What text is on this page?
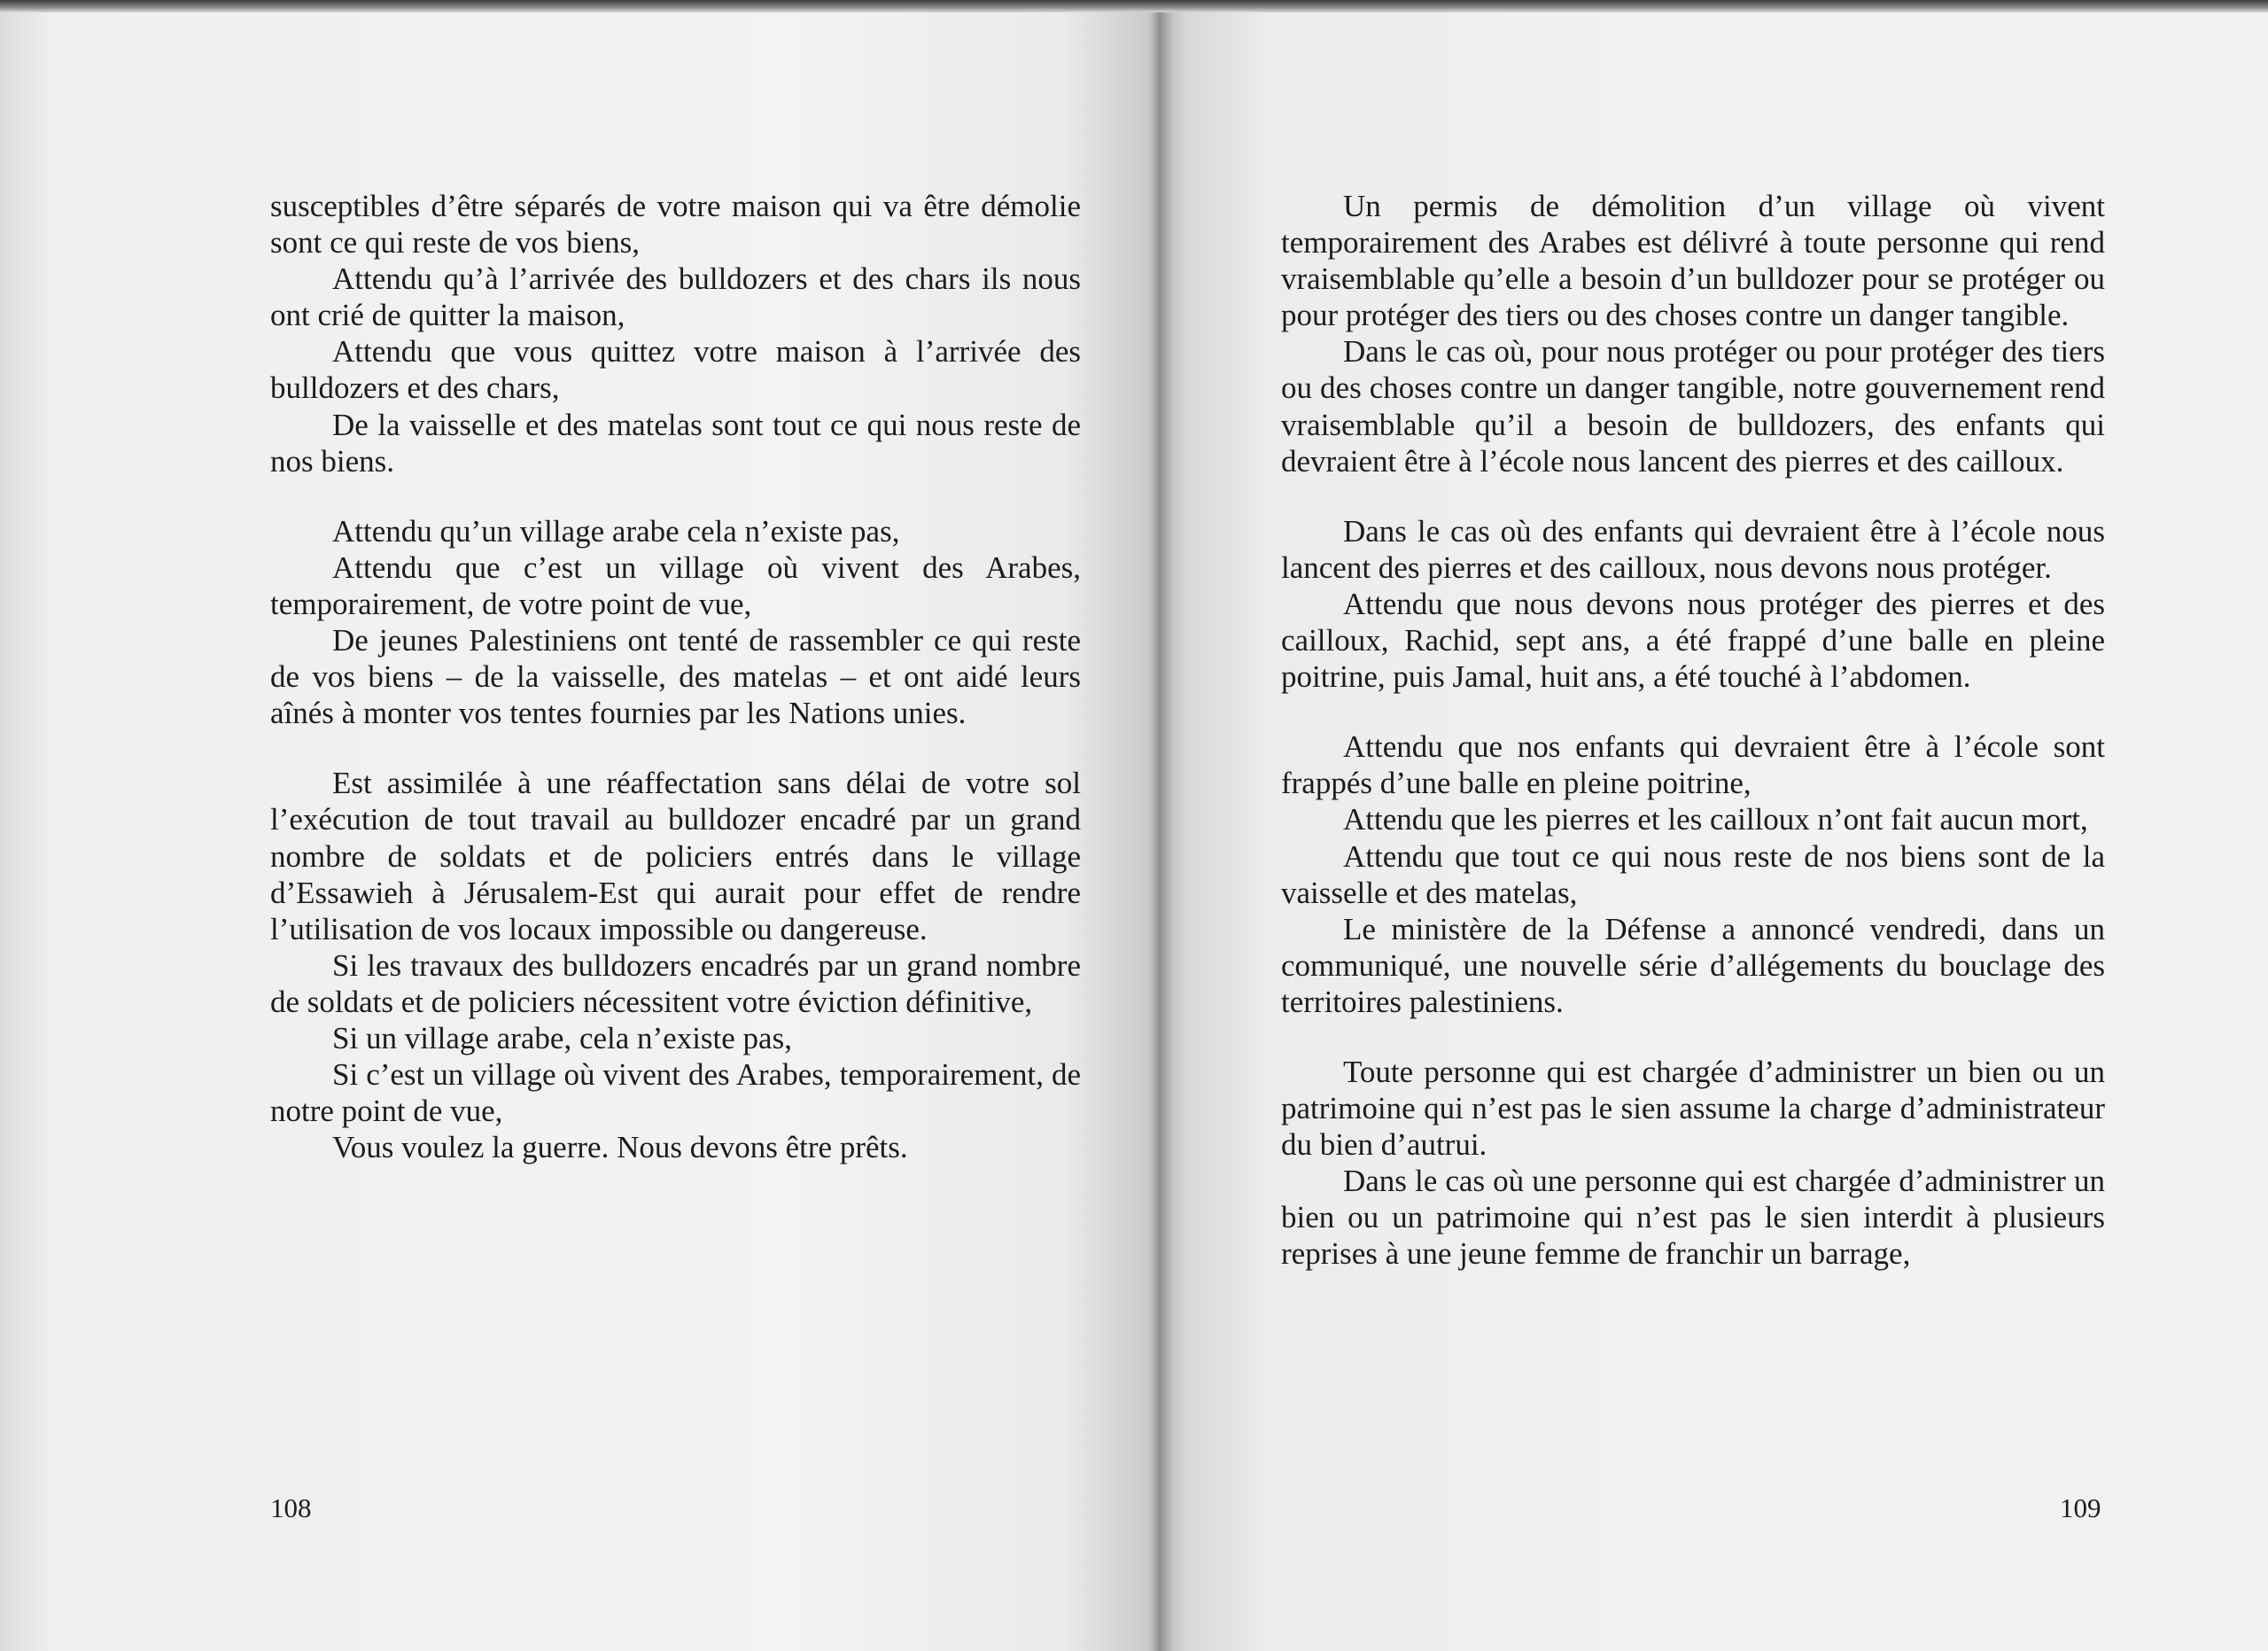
susceptibles d’être séparés de votre maison qui va être démolie sont ce qui reste de vos biens,

Attendu qu’à l’arrivée des bulldozers et des chars ils nous ont crié de quitter la maison,

Attendu que vous quittez votre maison à l’arrivée des bulldozers et des chars,

De la vaisselle et des matelas sont tout ce qui nous reste de nos biens.

Attendu qu’un village arabe cela n’existe pas,

Attendu que c’est un village où vivent des Arabes, temporairement, de votre point de vue,

De jeunes Palestiniens ont tenté de rassembler ce qui reste de vos biens – de la vaisselle, des matelas – et ont aidé leurs aînés à monter vos tentes fournies par les Nations unies.

Est assimilée à une réaffectation sans délai de votre sol l’exécution de tout travail au bulldozer encadré par un grand nombre de soldats et de policiers entrés dans le village d’Essawieh à Jérusalem-Est qui aurait pour effet de rendre l’utilisation de vos locaux impossible ou dangereuse.

Si les travaux des bulldozers encadrés par un grand nombre de soldats et de policiers nécessitent votre éviction définitive,

Si un village arabe, cela n’existe pas,

Si c’est un village où vivent des Arabes, temporairement, de notre point de vue,

Vous voulez la guerre. Nous devons être prêts.

108

Un permis de démolition d’un village où vivent temporairement des Arabes est délivré à toute personne qui rend vraisemblable qu’elle a besoin d’un bulldozer pour se protéger ou pour protéger des tiers ou des choses contre un danger tangible.

Dans le cas où, pour nous protéger ou pour protéger des tiers ou des choses contre un danger tangible, notre gouvernement rend vraisemblable qu’il a besoin de bulldozers, des enfants qui devraient être à l’école nous lancent des pierres et des cailloux.

Dans le cas où des enfants qui devraient être à l’école nous lancent des pierres et des cailloux, nous devons nous protéger.

Attendu que nous devons nous protéger des pierres et des cailloux, Rachid, sept ans, a été frappé d’une balle en pleine poitrine, puis Jamal, huit ans, a été touché à l’abdomen.

Attendu que nos enfants qui devraient être à l’école sont frappés d’une balle en pleine poitrine,

Attendu que les pierres et les cailloux n’ont fait aucun mort,

Attendu que tout ce qui nous reste de nos biens sont de la vaisselle et des matelas,

Le ministère de la Défense a annoncé vendredi, dans un communiqué, une nouvelle série d’allégements du bouclage des territoires palestiniens.

Toute personne qui est chargée d’administrer un bien ou un patrimoine qui n’est pas le sien assume la charge d’administrateur du bien d’autrui.

Dans le cas où une personne qui est chargée d’administrer un bien ou un patrimoine qui n’est pas le sien interdit à plusieurs reprises à une jeune femme de franchir un barrage,

109
